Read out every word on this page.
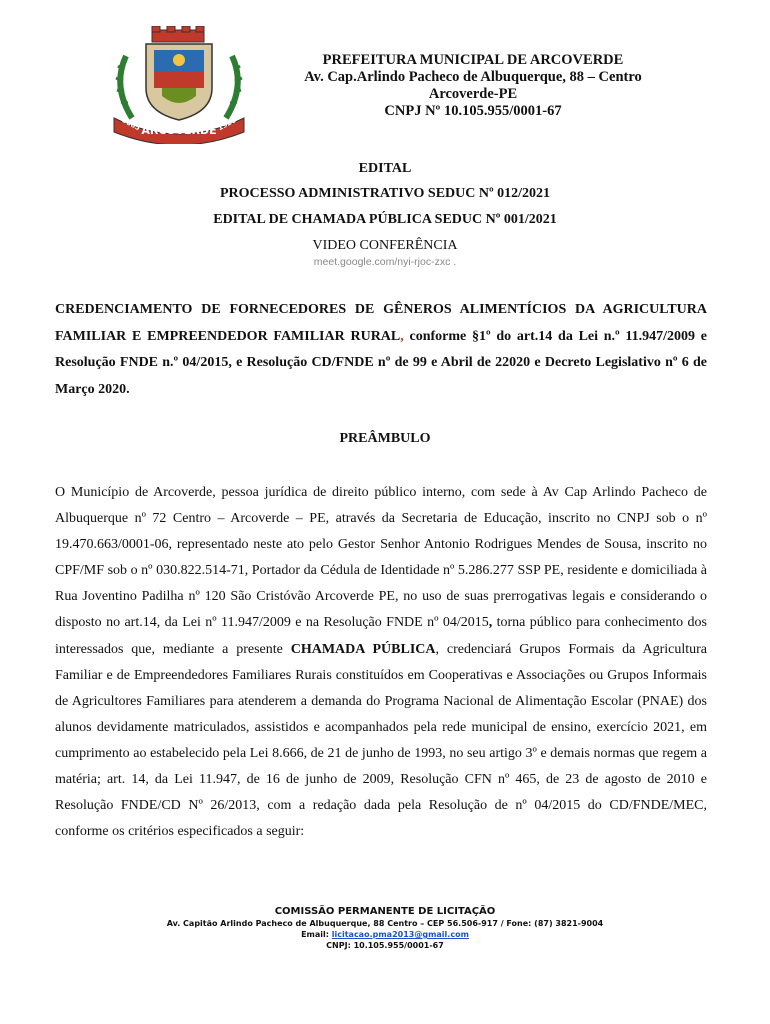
ARCOVERDE
1865	1928
PREFEITURA MUNICIPAL DE ARCOVERDE
Av. Cap.Arlindo Pacheco de Albuquerque, 88 – Centro
Arcoverde-PE
CNPJ Nº 10.105.955/0001-67
EDITAL
PROCESSO ADMINISTRATIVO SEDUC Nº 012/2021
EDITAL DE CHAMADA PÚBLICA SEDUC Nº 001/2021
VIDEO CONFERÊNCIA
meet.google.com/nyi-rjoc-zxc .
CREDENCIAMENTO DE FORNECEDORES DE GÊNEROS ALIMENTÍCIOS DA AGRICULTURA FAMILIAR E EMPREENDEDOR FAMILIAR RURAL, conforme §1º do art.14 da Lei n.º 11.947/2009 e Resolução FNDE n.º 04/2015, e Resolução CD/FNDE nº de 99 e Abril de 22020 e Decreto Legislativo nº 6 de Março 2020.
PREÂMBULO
O Município de Arcoverde, pessoa jurídica de direito público interno, com sede à Av Cap Arlindo Pacheco de Albuquerque nº 72 Centro – Arcoverde – PE, através da Secretaria de Educação, inscrito no CNPJ sob o nº 19.470.663/0001-06, representado neste ato pelo Gestor Senhor Antonio Rodrigues Mendes de Sousa, inscrito no CPF/MF sob o nº 030.822.514-71, Portador da Cédula de Identidade nº 5.286.277 SSP PE, residente e domiciliada à Rua Joventino Padilha nº 120 São Cristóvão Arcoverde PE, no uso de suas prerrogativas legais e considerando o disposto no art.14, da Lei nº 11.947/2009 e na Resolução FNDE nº 04/2015, torna público para conhecimento dos interessados que, mediante a presente CHAMADA PÚBLICA, credenciará Grupos Formais da Agricultura Familiar e de Empreendedores Familiares Rurais constituídos em Cooperativas e Associações ou Grupos Informais de Agricultores Familiares para atenderem a demanda do Programa Nacional de Alimentação Escolar (PNAE) dos alunos devidamente matriculados, assistidos e acompanhados pela rede municipal de ensino, exercício 2021, em cumprimento ao estabelecido pela Lei 8.666, de 21 de junho de 1993, no seu artigo 3º e demais normas que regem a matéria; art. 14, da Lei 11.947, de 16 de junho de 2009, Resolução CFN nº 465, de 23 de agosto de 2010 e Resolução FNDE/CD Nº 26/2013, com a redação dada pela Resolução de nº 04/2015 do CD/FNDE/MEC, conforme os critérios especificados a seguir:
COMISSÃO PERMANENTE DE LICITAÇÃO
Av. Capitão Arlindo Pacheco de Albuquerque, 88 Centro – CEP 56.506-917 / Fone: (87) 3821-9004
Email: licitacao.pma2013@gmail.com
CNPJ: 10.105.955/0001-67
